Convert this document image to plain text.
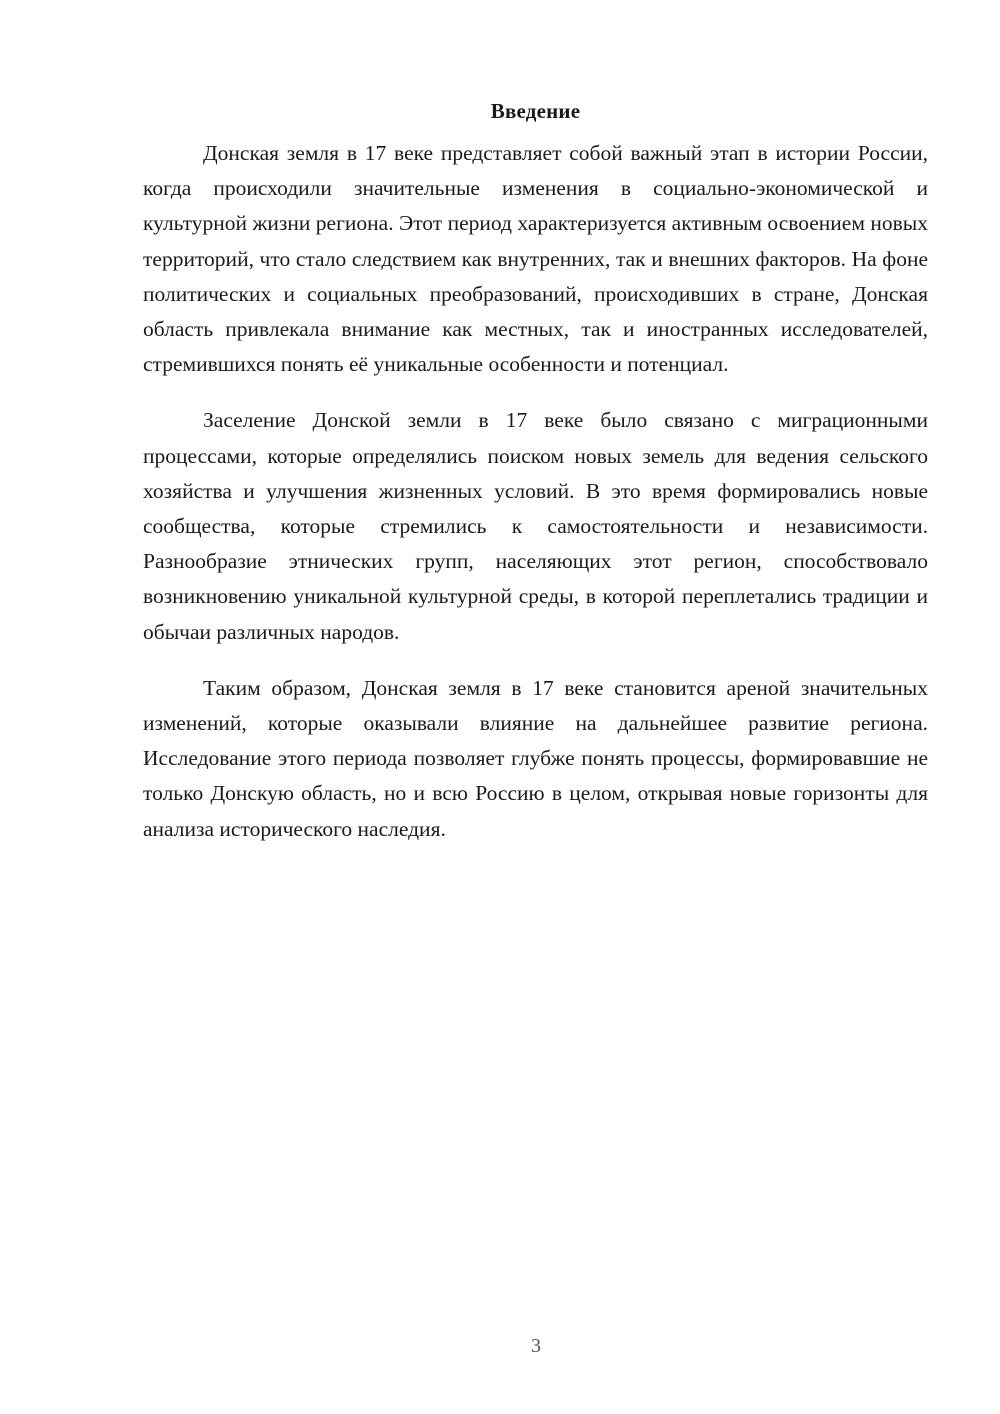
Введение

Донская земля в 17 веке представляет собой важный этап в истории России, когда происходили значительные изменения в социально-экономической и культурной жизни региона. Этот период характеризуется активным освоением новых территорий, что стало следствием как внутренних, так и внешних факторов. На фоне политических и социальных преобразований, происходивших в стране, Донская область привлекала внимание как местных, так и иностранных исследователей, стремившихся понять её уникальные особенности и потенциал.

Заселение Донской земли в 17 веке было связано с миграционными процессами, которые определялись поиском новых земель для ведения сельского хозяйства и улучшения жизненных условий. В это время формировались новые сообщества, которые стремились к самостоятельности и независимости. Разнообразие этнических групп, населяющих этот регион, способствовало возникновению уникальной культурной среды, в которой переплетались традиции и обычаи различных народов.

Таким образом, Донская земля в 17 веке становится ареной значительных изменений, которые оказывали влияние на дальнейшее развитие региона. Исследование этого периода позволяет глубже понять процессы, формировавшие не только Донскую область, но и всю Россию в целом, открывая новые горизонты для анализа исторического наследия.

3
